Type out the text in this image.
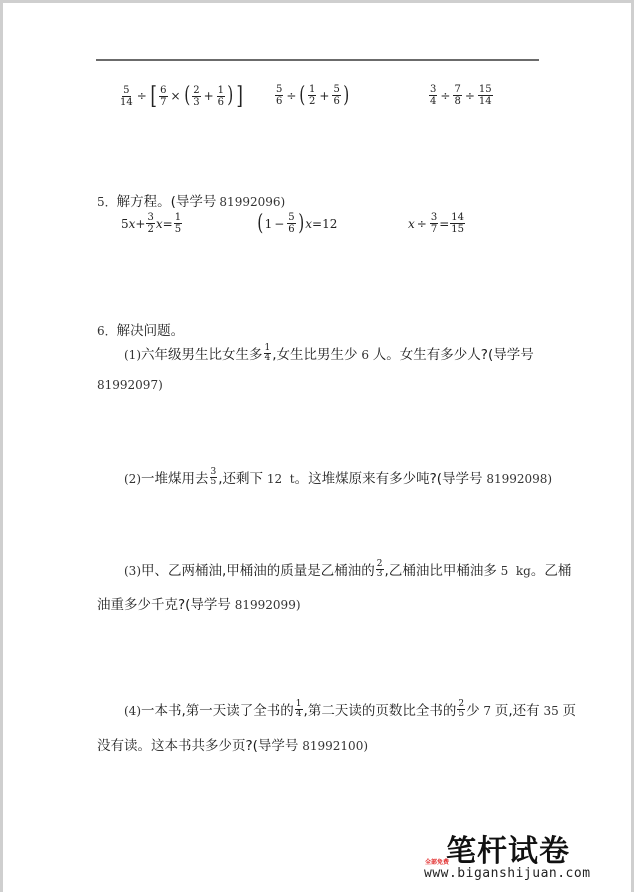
$\frac{5}{14}$ ÷ [ $\frac{6}{7}$ × ( $\frac{2}{3} + \frac{1}{6}$ ) ]	$\frac{5}{6}$ ÷ ( $\frac{1}{2} + \frac{5}{6}$ )	$\frac{3}{4} \div \frac{7}{8} \div \frac{15}{14}$
5．解方程。(导学号 81992096)
5 $x + \frac{3}{2}$ $x = \frac{1}{5}$	( $1 - \frac{5}{6}$ ) x =12	$x \div \frac{3}{7} = \frac{14}{15}$
6．解决问题。
(1)六年级男生比女生多 $\frac{1}{4}$ ,女生比男生少 6 人。女生有多少人?(导学号
81992097)
(2)一堆煤用去 $\frac{3}{5}$ ,还剩下 12  t。这堆煤原来有多少吨?(导学号 81992098)
(3)甲、乙两桶油,甲桶油的质量是乙桶油的 $\frac{2}{3}$ ,乙桶油比甲桶油多 5  kg。乙桶
油重多少千克?(导学号 81992099)
(4)一本书,第一天读了全书的 $\frac{1}{4}$ ,第二天读的页数比全书的 $\frac{2}{5}$ 少 7 页,还有 35 页
没有读。这本书共多少页?(导学号 81992100)
笔杆试卷
全部免费
www.biganshijuan.com
